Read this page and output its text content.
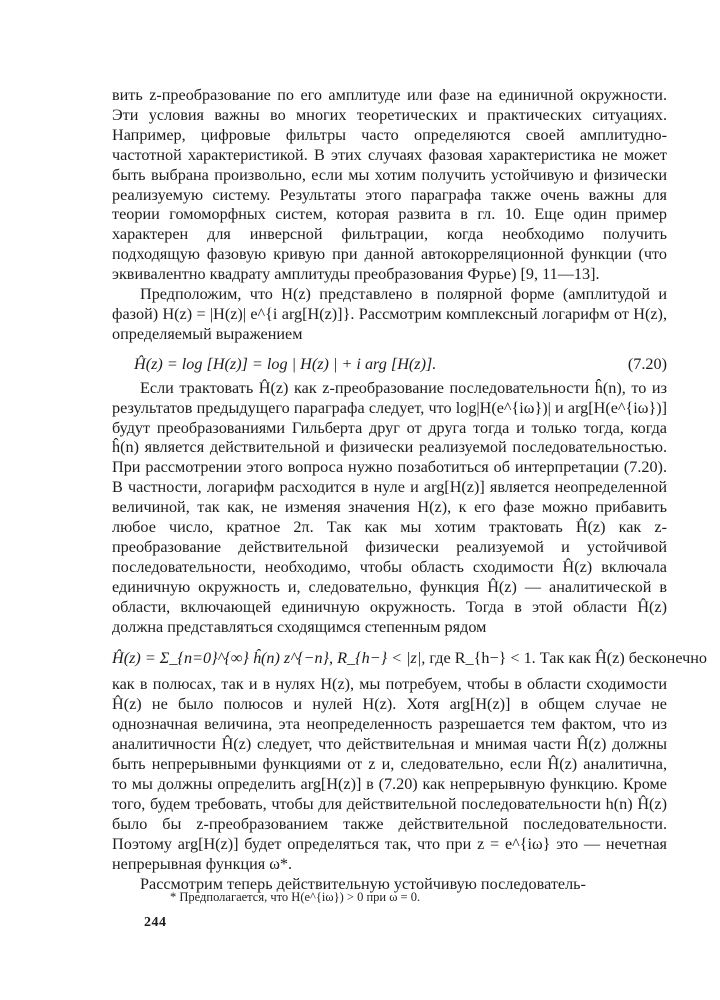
вить z-преобразование по его амплитуде или фазе на единичной окружности. Эти условия важны во многих теоретических и практических ситуациях. Например, цифровые фильтры часто определяются своей амплитудно-частотной характеристикой. В этих случаях фазовая характеристика не может быть выбрана произвольно, если мы хотим получить устойчивую и физически реализуемую систему. Результаты этого параграфа также очень важны для теории гомоморфных систем, которая развита в гл. 10. Еще один пример характерен для инверсной фильтрации, когда необходимо получить подходящую фазовую кривую при данной автокорреляционной функции (что эквивалентно квадрату амплитуды преобразования Фурье) [9, 11—13].

Предположим, что H(z) представлено в полярной форме (амплитудой и фазой) H(z) = |H(z)| e^{i arg[H(z)]}. Рассмотрим комплексный логарифм от H(z), определяемый выражением

Ĥ(z) = log [H(z)] = log | H(z) | + i arg [H(z)].	(7.20)

Если трактовать Ĥ(z) как z-преобразование последовательности ĥ(n), то из результатов предыдущего параграфа следует, что log|H(e^{iω})| и arg[H(e^{iω})] будут преобразованиями Гильберта друг от друга тогда и только тогда, когда ĥ(n) является действительной и физически реализуемой последовательностью. При рассмотрении этого вопроса нужно позаботиться об интерпретации (7.20). В частности, логарифм расходится в нуле и arg[H(z)] является неопределенной величиной, так как, не изменяя значения H(z), к его фазе можно прибавить любое число, кратное 2π. Так как мы хотим трактовать Ĥ(z) как z-преобразование действительной физически реализуемой и устойчивой последовательности, необходимо, чтобы область сходимости Ĥ(z) включала единичную окружность и, следовательно, функция Ĥ(z) — аналитической в области, включающей единичную окружность. Тогда в этой области Ĥ(z) должна представляться сходящимся степенным рядом

Ĥ(z) = Σ_{n=0}^{∞} ĥ(n) z^{−n}, R_{h−} < |z|, где R_{h−} < 1. Так как Ĥ(z) бесконечно

как в полюсах, так и в нулях H(z), мы потребуем, чтобы в области сходимости Ĥ(z) не было полюсов и нулей H(z). Хотя arg[H(z)] в общем случае не однозначная величина, эта неопределенность разрешается тем фактом, что из аналитичности Ĥ(z) следует, что действительная и мнимая части Ĥ(z) должны быть непрерывными функциями от z и, следовательно, если Ĥ(z) аналитична, то мы должны определить arg[H(z)] в (7.20) как непрерывную функцию. Кроме того, будем требовать, чтобы для действительной последовательности h(n) Ĥ(z) было бы z-преобразованием также действительной последовательности. Поэтому arg[H(z)] будет определяться так, что при z = e^{iω} это — нечетная непрерывная функция ω*.

Рассмотрим теперь действительную устойчивую последователь-

* Предполагается, что H(e^{iω}) > 0 при ω = 0.
244
